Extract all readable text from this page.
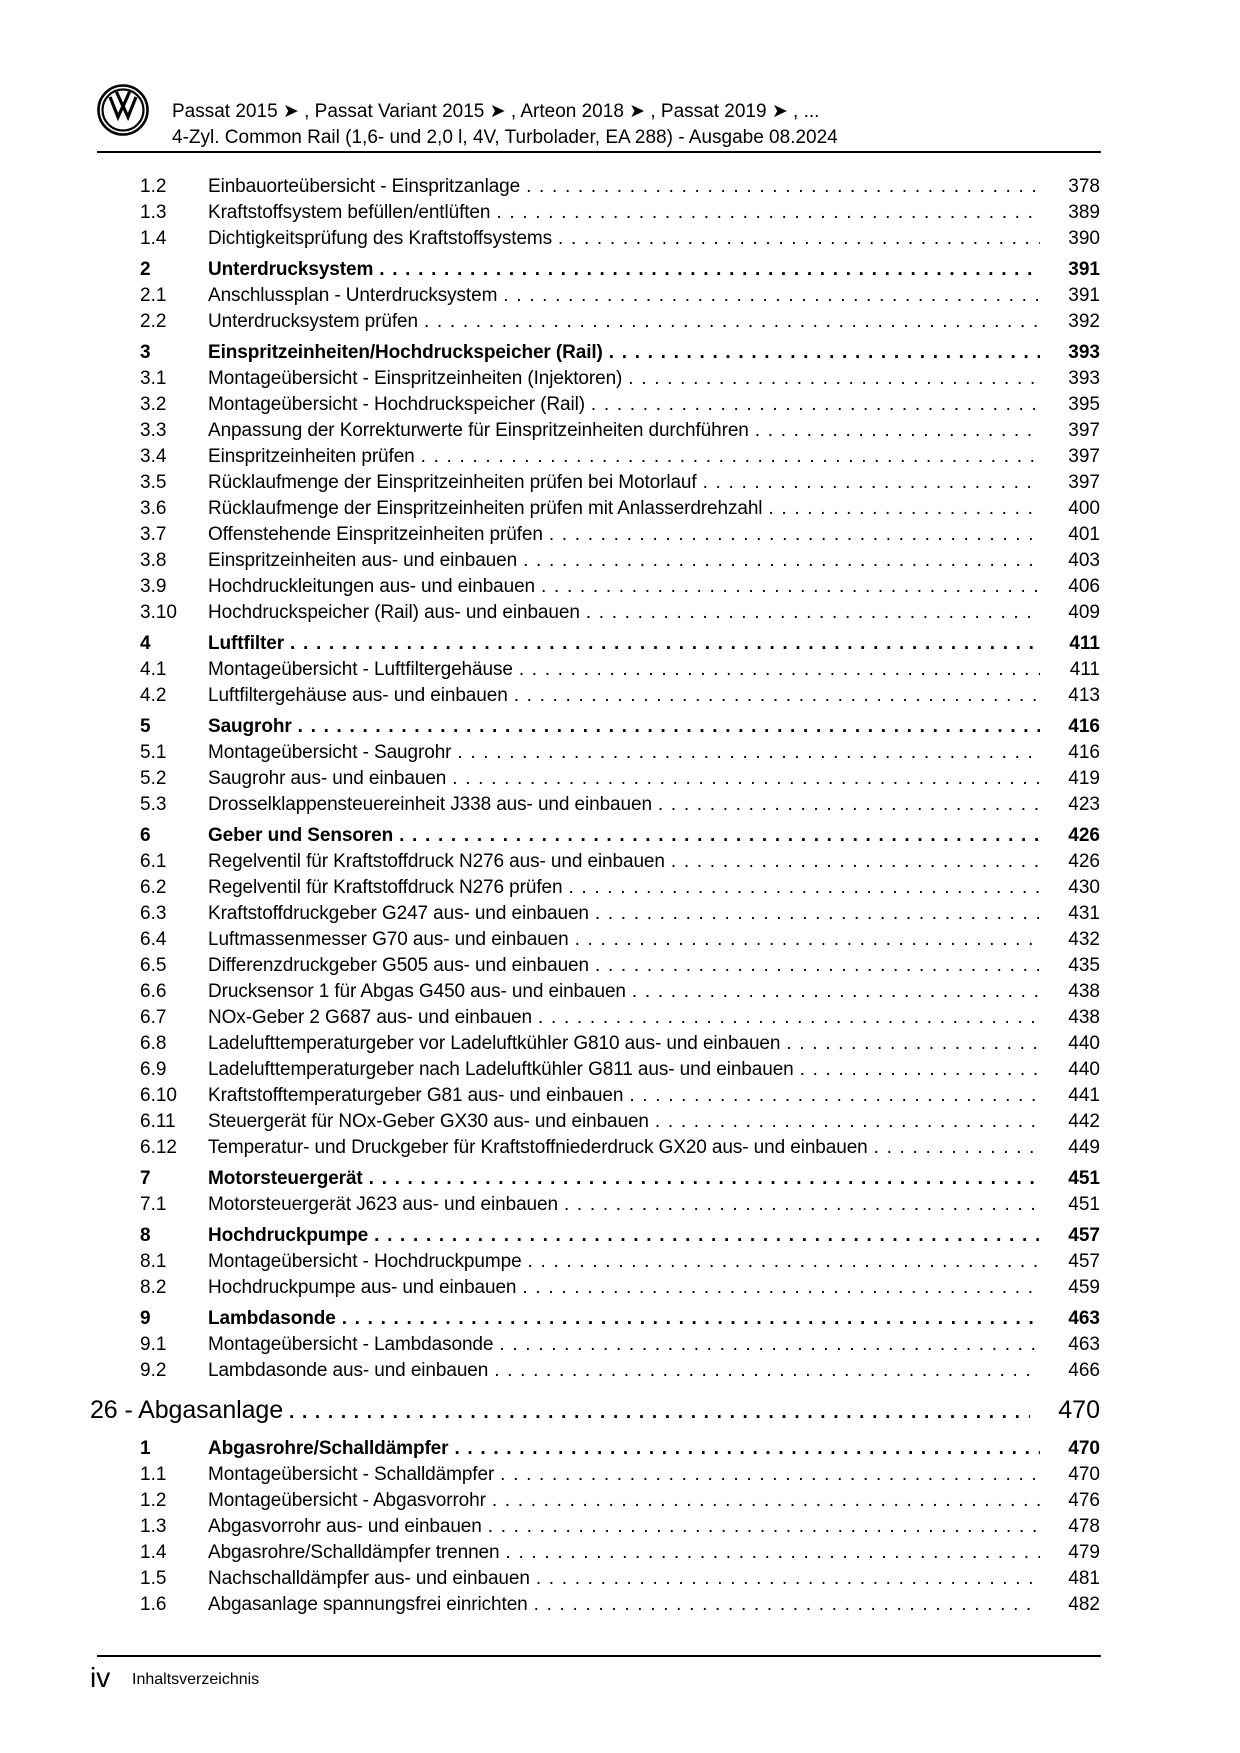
Passat 2015 ➤ , Passat Variant 2015 ➤ , Arteon 2018 ➤ , Passat 2019 ➤ , ...
4-Zyl. Common Rail (1,6- und 2,0 l, 4V, Turbolader, EA 288) - Ausgabe 08.2024
1.2 Einbauorteübersicht - Einspritzanlage . . .	378
1.3 Kraftstoffsystem befüllen/entlüften . . .	389
1.4 Dichtigkeitsprüfung des Kraftstoffsystems . . .	390
2	Unterdrucksystem . . .	391
2.1 Anschlussplan - Unterdrucksystem . . .	391
2.2 Unterdrucksystem prüfen . . .	392
3	Einspritzeinheiten/Hochdruckspeicher (Rail) . . .	393
3.1 Montageübersicht - Einspritzeinheiten (Injektoren) . . .	393
3.2 Montageübersicht - Hochdruckspeicher (Rail) . . .	395
3.3 Anpassung der Korrekturwerte für Einspritzeinheiten durchführen . . .	397
3.4 Einspritzeinheiten prüfen . . .	397
3.5 Rücklaufmenge der Einspritzeinheiten prüfen bei Motorlauf . . .	397
3.6 Rücklaufmenge der Einspritzeinheiten prüfen mit Anlasserdrehzahl . . .	400
3.7 Offenstehende Einspritzeinheiten prüfen . . .	401
3.8 Einspritzeinheiten aus- und einbauen . . .	403
3.9 Hochdruckleitungen aus- und einbauen . . .	406
3.10 Hochdruckspeicher (Rail) aus- und einbauen . . .	409
4	Luftfilter . . .	411
4.1 Montageübersicht - Luftfiltergehäuse . . .	411
4.2 Luftfiltergehäuse aus- und einbauen . . .	413
5	Saugrohr . . .	416
5.1 Montageübersicht - Saugrohr . . .	416
5.2 Saugrohr aus- und einbauen . . .	419
5.3 Drosselklappensteuereinheit J338 aus- und einbauen . . .	423
6	Geber und Sensoren . . .	426
6.1 Regelventil für Kraftstoffdruck N276 aus- und einbauen . . .	426
6.2 Regelventil für Kraftstoffdruck N276 prüfen . . .	430
6.3 Kraftstoffdruckgeber G247 aus- und einbauen . . .	431
6.4 Luftmassenmesser G70 aus- und einbauen . . .	432
6.5 Differenzdruckgeber G505 aus- und einbauen . . .	435
6.6 Drucksensor 1 für Abgas G450 aus- und einbauen . . .	438
6.7 NOx-Geber 2 G687 aus- und einbauen . . .	438
6.8 Ladelufttemperaturgeber vor Ladeluftkühler G810 aus- und einbauen . . .	440
6.9 Ladelufttemperaturgeber nach Ladeluftkühler G811 aus- und einbauen . . .	440
6.10 Kraftstofftemperaturgeber G81 aus- und einbauen . . .	441
6.11 Steuergerät für NOx-Geber GX30 aus- und einbauen . . .	442
6.12 Temperatur- und Druckgeber für Kraftstoffniederdruck GX20 aus- und einbauen . . .	449
7	Motorsteuergerät . . .	451
7.1 Motorsteuergerät J623 aus- und einbauen . . .	451
8	Hochdruckpumpe . . .	457
8.1 Montageübersicht - Hochdruckpumpe . . .	457
8.2 Hochdruckpumpe aus- und einbauen . . .	459
9	Lambdasonde . . .	463
9.1 Montageübersicht - Lambdasonde . . .	463
9.2 Lambdasonde aus- und einbauen . . .	466
26 - Abgasanlage . . .	470
1	Abgasrohre/Schalldämpfer . . .	470
1.1 Montageübersicht - Schalldämpfer . . .	470
1.2 Montageübersicht - Abgasvorrohr . . .	476
1.3 Abgasvorrohr aus- und einbauen . . .	478
1.4 Abgasrohre/Schalldämpfer trennen . . .	479
1.5 Nachschalldämpfer aus- und einbauen . . .	481
1.6 Abgasanlage spannungsfrei einrichten . . .	482
iv Inhaltsverzeichnis
